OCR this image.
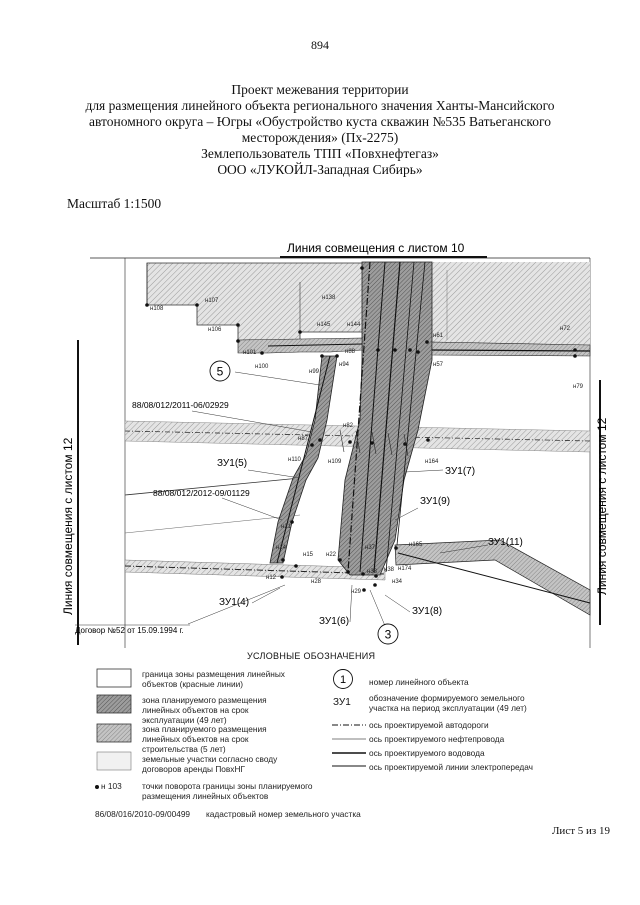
894
Проект межевания территории
для размещения линейного объекта регионального значения Ханты-Мансийского
автономного округа – Югры «Обустройство куста скважин №535 Ватьеганского
месторождения» (Пх-2275)
Землепользователь ТПП «Повхнефтегаз»
ООО «ЛУКОЙЛ-Западная Сибирь»
Масштаб 1:1500
Линия совмещения с листом 10
Линия совмещения с листом 12	Линия совмещения с листом 12
5
3
88/08/012/2011-06/02929
88/08/012/2012-09/01129
Договор №52 от 15.09.1994 г.
ЗУ1(5)
ЗУ1(7)
ЗУ1(9)
ЗУ1(11)
ЗУ1(4)
ЗУ1(6)
ЗУ1(8)
н108
н107	н138
н106
н145	н144
н101
н100
н99
н94
н72
н79
н61
н57
н164
н110	н109
н14
н15
н12
н28
н29
н21
н22
н37
н38
н33
н34
н165
н174
н88
н87
н82
УСЛОВНЫЕ ОБОЗНАЧЕНИЯ
граница зоны размещения линейных объектов (красные линии)
зона планируемого размещения линейных объектов на срок эксплуатации (49 лет)
зона планируемого размещения линейных объектов на срок строительства (5 лет)
земельные участки согласно своду договоров аренды ПовхНГ
н 103 точки поворота границы зоны планируемого размещения линейных объектов
86/08/016/2010-09/00499 кадастровый номер земельного участка
1	номер линейного объекта
ЗУ1 обозначение формируемого земельного участка на период эксплуатации (49 лет)
ось проектируемой автодороги
ось проектируемого нефтепровода
ось проектируемого водовода
ось проектируемой линии электропередач
Лист 5 из 19
